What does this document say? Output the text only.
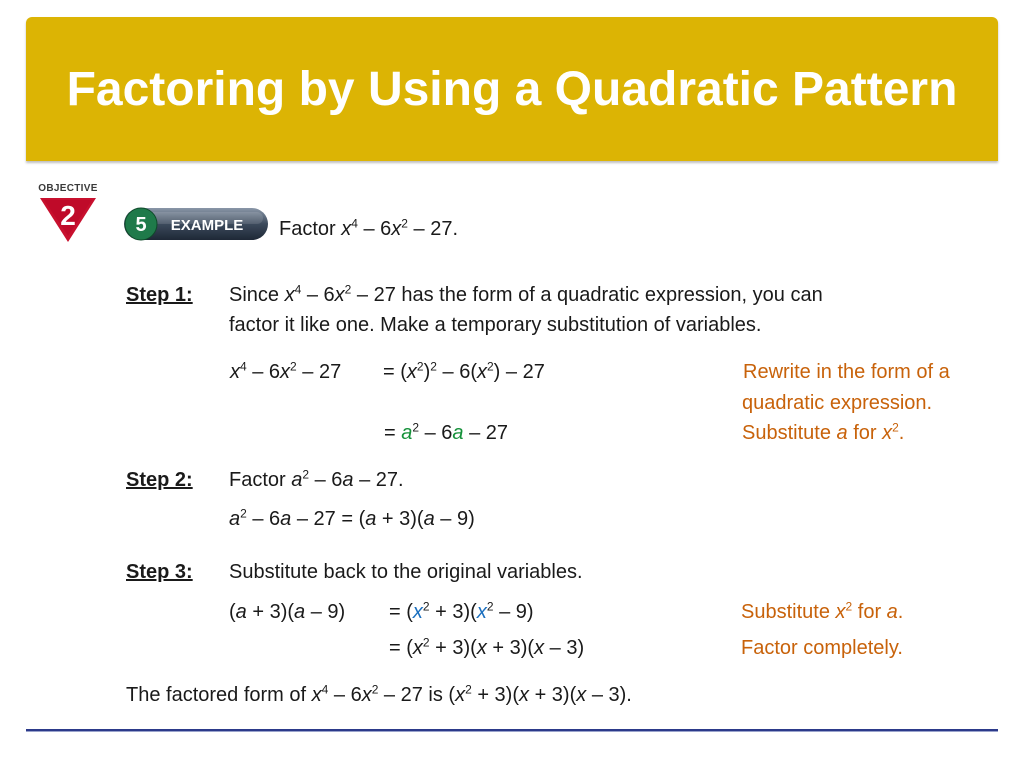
Factoring by Using a Quadratic Pattern
OBJECTIVE
2	5 EXAMPLE Factor $x^4 - 6x^2 - 27$.
Step 1: Since $x^4 - 6x^2 - 27$ has the form of a quadratic expression, you can
factor it like one. Make a temporary substitution of variables.
$x^4 - 6x^2 - 27 = (x^2)^2 - 6(x^2) - 27$	Rewrite in the form of a
quadratic expression.
= $a^2 - 6a - 27$	Substitute a for $x^2$.
Step 2: Factor $a^2 - 6a - 27$.
$a^2 - 6a - 27 = (a + 3)(a - 9)$
Step 3: Substitute back to the original variables.
$(a + 3)(a - 9) = (x^2 + 3)(x^2 - 9)$	Substitute $x^2$ for a.
= $(x^2 + 3)(x + 3)(x - 3)$	Factor completely.
The factored form of $x^4 - 6x^2 - 27$ is $(x^2 + 3)(x + 3)(x - 3)$.
